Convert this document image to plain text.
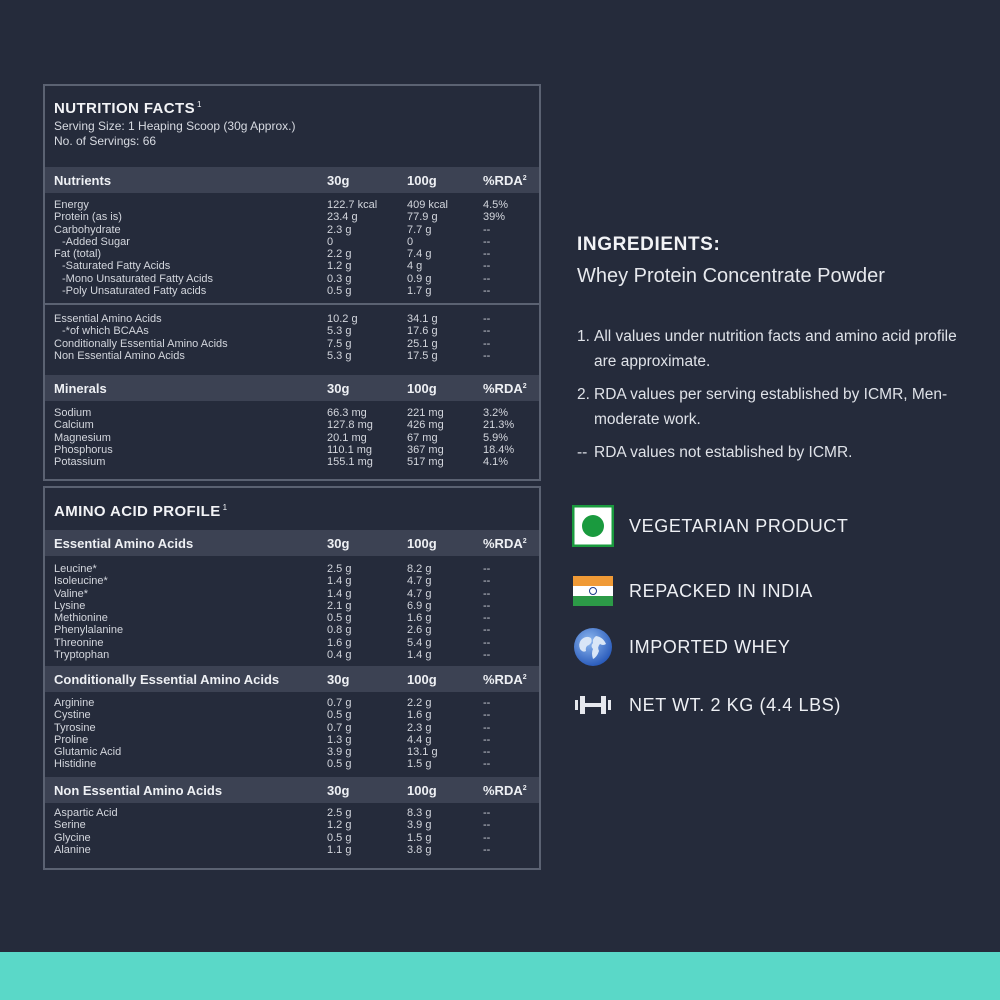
NUTRITION FACTS $^1$
Serving Size: 1 Heaping Scoop (30g Approx.)
No. of Servings: 66
Nutrients	30g	100g	%RDA$^2$
Energy	122.7 kcal	409 kcal	4.5%
Protein (as is)	23.4 g	77.9 g	39%
Carbohydrate	2.3 g	7.7 g	--
-Added Sugar	0	0	--
Fat (total)	2.2 g	7.4 g	--
-Saturated Fatty Acids	1.2 g	4 g	--
-Mono Unsaturated Fatty Acids	0.3 g	0.9 g	--
-Poly Unsaturated Fatty acids	0.5 g	1.7 g	--
Essential Amino Acids	10.2 g	34.1 g	--
-*of which BCAAs	5.3 g	17.6 g	--
Conditionally Essential Amino Acids	7.5 g	25.1 g	--
Non Essential Amino Acids	5.3 g	17.5 g	--
Minerals	30g	100g	%RDA$^2$
Sodium	66.3 mg	221 mg	3.2%
Calcium	127.8 mg	426 mg	21.3%
Magnesium	20.1 mg	67 mg	5.9%
Phosphorus	110.1 mg	367 mg	18.4%
Potassium	155.1 mg	517 mg	4.1%
AMINO ACID PROFILE $^1$
Essential Amino Acids	30g	100g	%RDA$^2$
Leucine*	2.5 g	8.2 g	--
Isoleucine*	1.4 g	4.7 g	--
Valine*	1.4 g	4.7 g	--
Lysine	2.1 g	6.9 g	--
Methionine	0.5 g	1.6 g	--
Phenylalanine	0.8 g	2.6 g	--
Threonine	1.6 g	5.4 g	--
Tryptophan	0.4 g	1.4 g	--
Conditionally Essential Amino Acids	30g	100g	%RDA$^2$
Arginine	0.7 g	2.2 g	--
Cystine	0.5 g	1.6 g	--
Tyrosine	0.7 g	2.3 g	--
Proline	1.3 g	4.4 g	--
Glutamic Acid	3.9 g	13.1 g	--
Histidine	0.5 g	1.5 g	--
Non Essential Amino Acids	30g	100g	%RDA$^2$
Aspartic Acid	2.5 g	8.3 g	--
Serine	1.2 g	3.9 g	--
Glycine	0.5 g	1.5 g	--
Alanine	1.1 g	3.8 g	--
INGREDIENTS:
Whey Protein Concentrate Powder
1. All values under nutrition facts and amino acid profile are approximate.
2. RDA values per serving established by ICMR, Men-moderate work.
-- RDA values not established by ICMR.
VEGETARIAN PRODUCT
REPACKED IN INDIA
IMPORTED WHEY
NET WT. 2 KG (4.4 LBS)
